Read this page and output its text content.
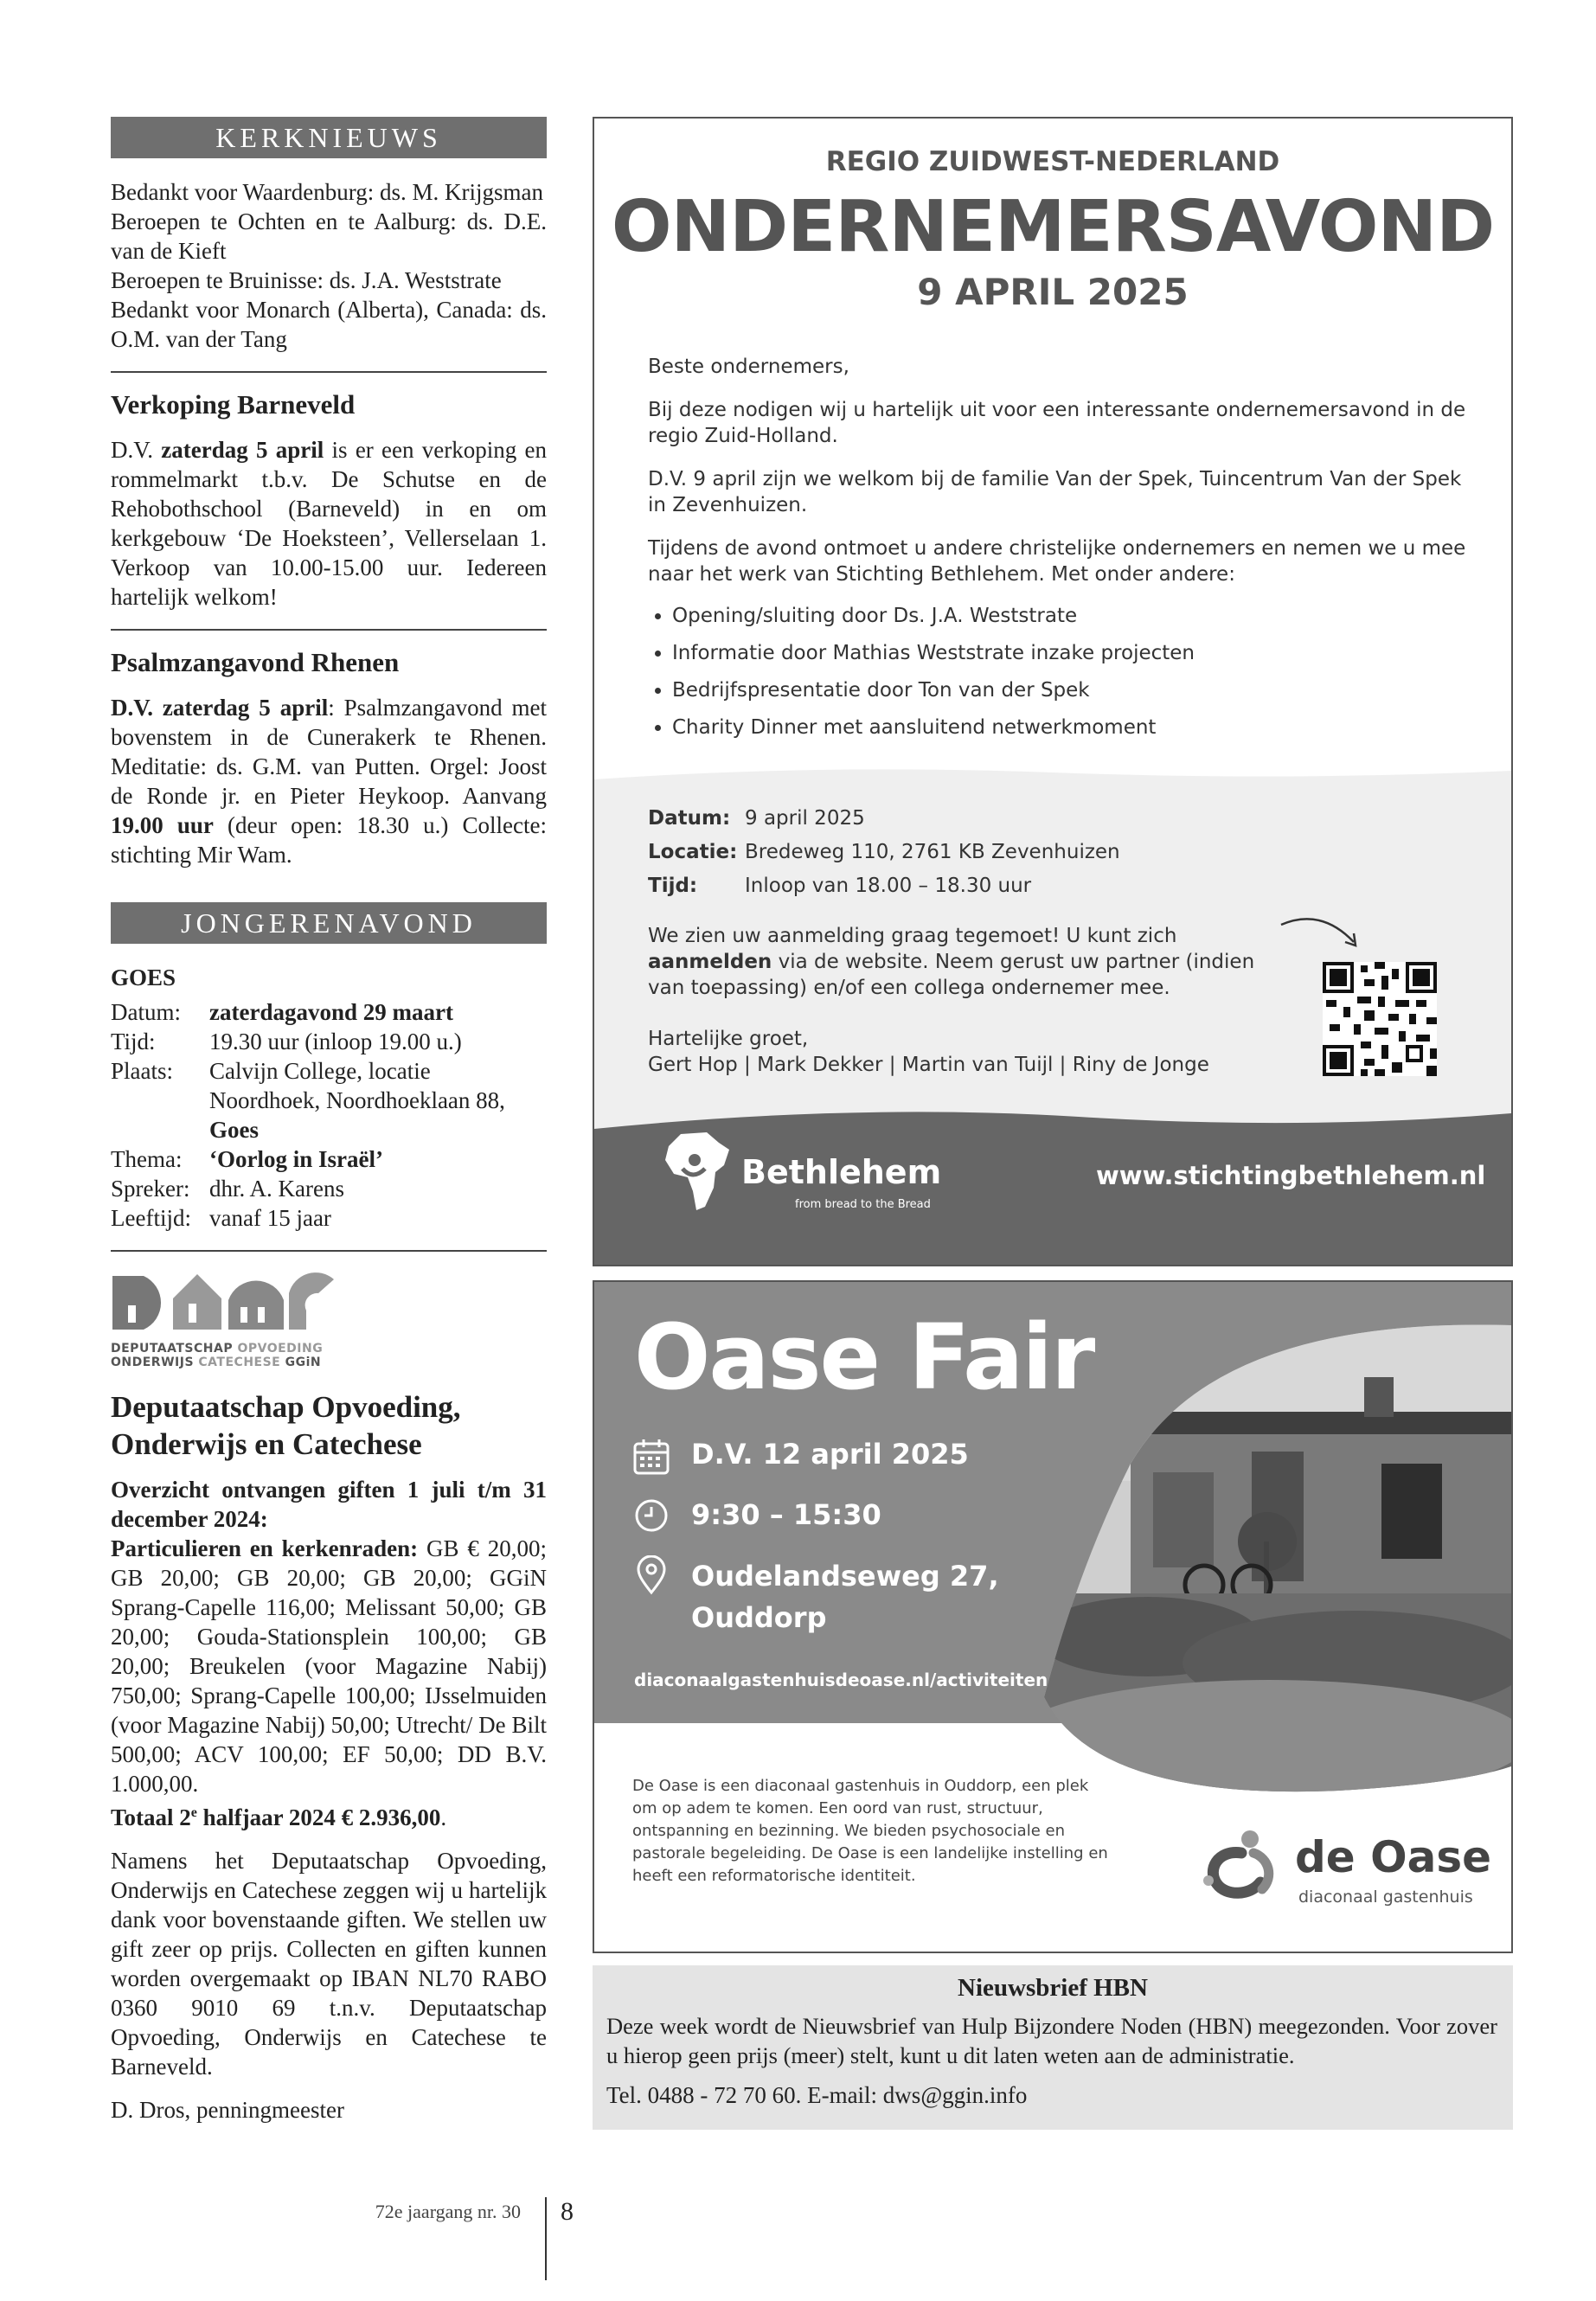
KERKNIEUWS

Bedankt voor Waardenburg: ds. M. Krijgsman

Beroepen te Ochten en te Aalburg: ds. D.E. van de Kieft

Beroepen te Bruinisse: ds. J.A. Weststrate

Bedankt voor Monarch (Alberta), Canada: ds. O.M. van der Tang

Verkoping Barneveld

D.V. zaterdag 5 april is er een verkoping en rommelmarkt t.b.v. De Schutse en de Rehobothschool (Barneveld) in en om kerkgebouw ‘De Hoeksteen’, Vellerselaan 1. Verkoop van 10.00-15.00 uur. Iedereen hartelijk welkom!

Psalmzangavond Rhenen

D.V. zaterdag 5 april: Psalmzangavond met bovenstem in de Cunerakerk te Rhenen. Meditatie: ds. G.M. van Putten. Orgel: Joost de Ronde jr. en Pieter Heykoop. Aanvang 19.00 uur (deur open: 18.30 u.) Collecte: stichting Mir Wam.

JONGERENAVOND

GOES

Datum:	zaterdagavond 29 maart
Tijd:	19.30 uur (inloop 19.00 u.)
Plaats:	Calvijn College, locatie Noordhoek, Noordhoeklaan 88, Goes
Thema:	‘Oorlog in Israël’
Spreker:	dhr. A. Karens
Leeftijd:	vanaf 15 jaar
DEPUTAATSCHAP OPVOEDING
ONDERWIJS CATECHESE GGiN
Deputaatschap Opvoeding, Onderwijs en Catechese

Overzicht ontvangen giften 1 juli t/m 31 december 2024:

Particulieren en kerkenraden: GB € 20,00; GB 20,00; GB 20,00; GB 20,00; GGiN Sprang-Capelle 116,00; Melissant 50,00; GB 20,00; Gouda-Stationsplein 100,00; GB 20,00; Breukelen (voor Magazine Nabij) 750,00; Sprang-Capelle 100,00; IJsselmuiden (voor Magazine Nabij) 50,00; Utrecht/ De Bilt 500,00; ACV 100,00; EF 50,00; DD B.V. 1.000,00.

Totaal 2e halfjaar 2024 € 2.936,00.

Namens het Deputaatschap Opvoeding, Onderwijs en Catechese zeggen wij u hartelijk dank voor bovenstaande giften. We stellen uw gift zeer op prijs. Collecten en giften kunnen worden overgemaakt op IBAN NL70 RABO 0360 9010 69 t.n.v. Deputaatschap Opvoeding, Onderwijs en Catechese te Barneveld.

D. Dros, penningmeester

REGIO ZUIDWEST-NEDERLAND
ONDERNEMERSAVOND
9 APRIL 2025

Beste ondernemers,

Bij deze nodigen wij u hartelijk uit voor een interessante ondernemersavond in de regio Zuid-Holland.

D.V. 9 april zijn we welkom bij de familie Van der Spek, Tuincentrum Van der Spek in Zevenhuizen.

Tijdens de avond ontmoet u andere christelijke ondernemers en nemen we u mee naar het werk van Stichting Bethlehem. Met onder andere:

• Opening/sluiting door Ds. J.A. Weststrate
• Informatie door Mathias Weststrate inzake projecten
• Bedrijfspresentatie door Ton van der Spek
• Charity Dinner met aansluitend netwerkmoment
Datum: 9 april 2025
Locatie: Bredeweg 110, 2761 KB Zevenhuizen
Tijd: Inloop van 18.00 – 18.30 uur
We zien uw aanmelding graag tegemoet! U kunt zich aanmelden via de website. Neem gerust uw partner (indien van toepassing) en/of een collega ondernemer mee.

Hartelijke groet,

Gert Hop | Mark Dekker | Martin van Tuijl | Riny de Jonge

Bethlehem
from bread to the Bread
www.stichtingbethlehem.nl
Oase Fair
D.V. 12 april 2025
9:30 – 15:30
Oudelandseweg 27,
Ouddorp
diaconaalgastenhuisdeoase.nl/activiteiten
De Oase is een diaconaal gastenhuis in Ouddorp, een plek om op adem te komen. Een oord van rust, structuur, ontspanning en bezinning. We bieden psychosociale en pastorale begeleiding. De Oase is een landelijke instelling en heeft een reformatorische identiteit.	de Oase
diaconaal gastenhuis
Nieuwsbrief HBN
Deze week wordt de Nieuwsbrief van Hulp Bijzondere Noden (HBN) meegezonden. Voor zover u hierop geen prijs (meer) stelt, kunt u dit laten weten aan de administratie.
Tel. 0488 - 72 70 60. E-mail: dws@ggin.info
72e jaargang nr. 30 8
